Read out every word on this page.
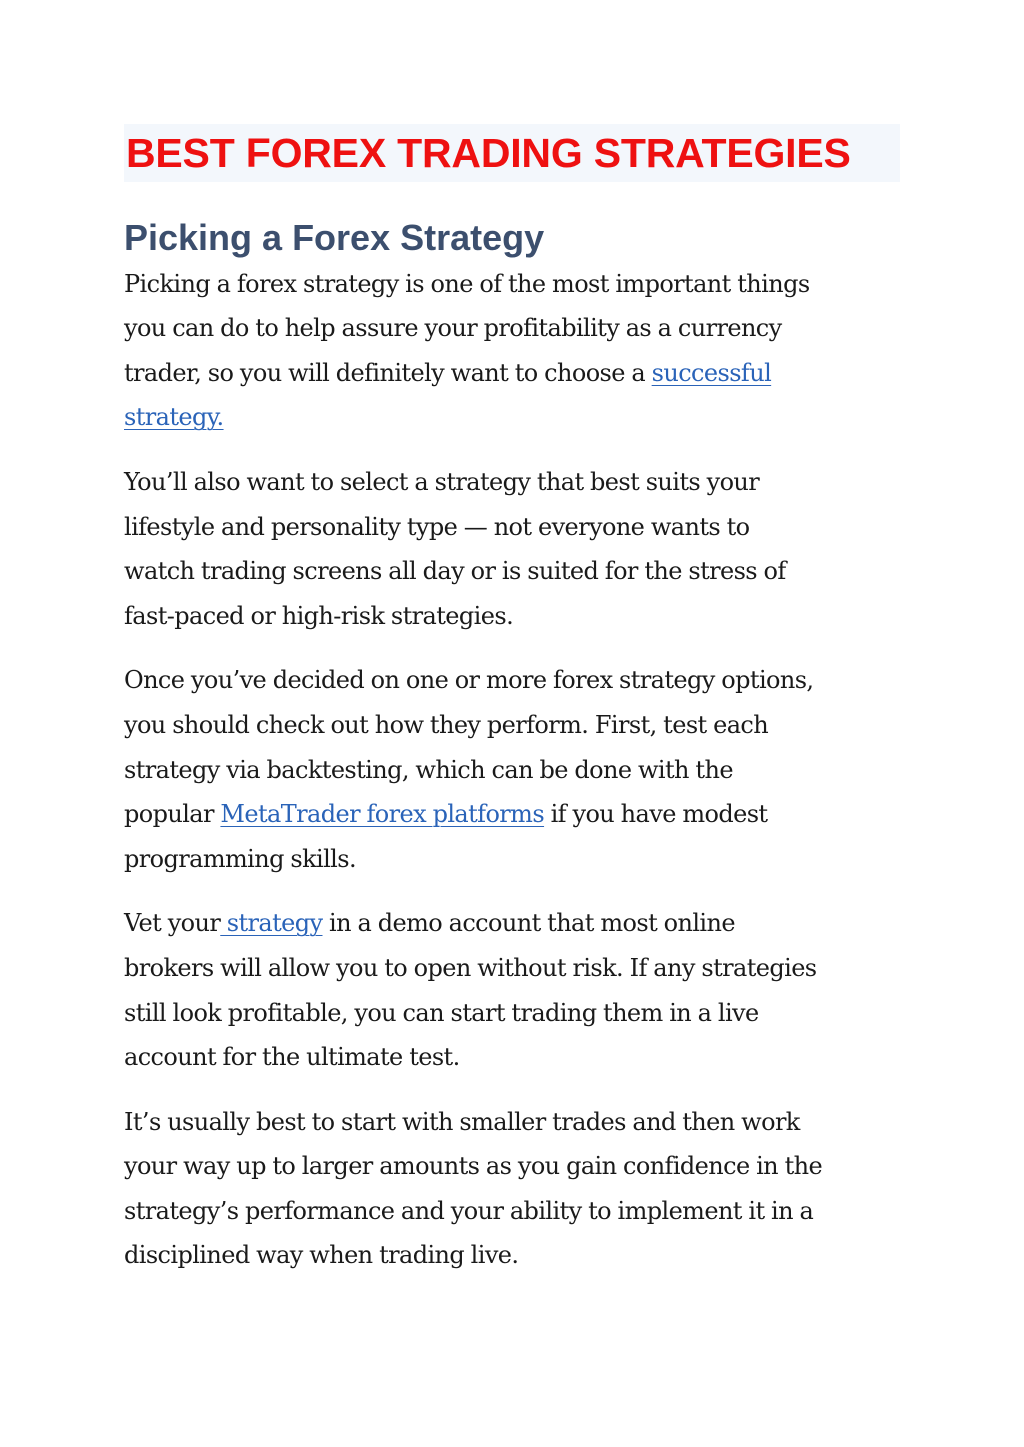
BEST FOREX TRADING STRATEGIES
Picking a Forex Strategy

Picking a forex strategy is one of the most important things
you can do to help assure your profitability as a currency
trader, so you will definitely want to choose a successful
strategy.

You’ll also want to select a strategy that best suits your
lifestyle and personality type — not everyone wants to
watch trading screens all day or is suited for the stress of
fast-paced or high-risk strategies.

Once you’ve decided on one or more forex strategy options,
you should check out how they perform. First, test each
strategy via backtesting, which can be done with the
popular MetaTrader forex platforms if you have modest
programming skills.

Vet your strategy in a demo account that most online
brokers will allow you to open without risk. If any strategies
still look profitable, you can start trading them in a live
account for the ultimate test.

It’s usually best to start with smaller trades and then work
your way up to larger amounts as you gain confidence in the
strategy’s performance and your ability to implement it in a
disciplined way when trading live.
